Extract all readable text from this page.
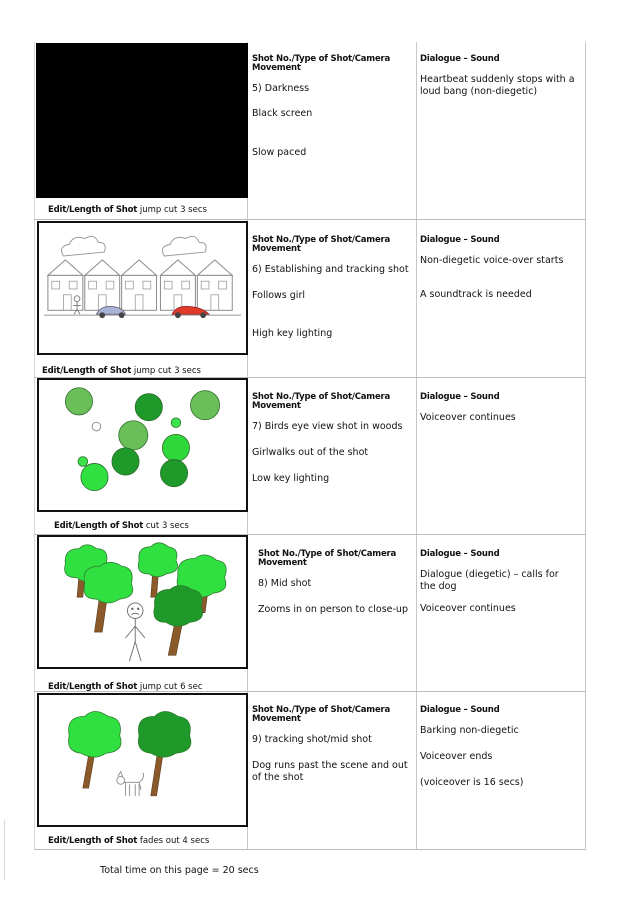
Shot No./Type of Shot/Camera Movement
5) Darkness
Black screen
Slow paced
Dialogue – Sound
Heartbeat suddenly stops with a loud bang (non-diegetic)
Edit/Length of Shot jump cut 3 secs
Shot No./Type of Shot/Camera Movement
6) Establishing and tracking shot
Follows girl
High key lighting
Dialogue – Sound
Non-diegetic voice-over starts
A soundtrack is needed
Edit/Length of Shot jump cut 3 secs
Shot No./Type of Shot/Camera Movement
7) Birds eye view shot in woods
Girlwalks out of the shot
Low key lighting
Dialogue – Sound
Voiceover continues
Edit/Length of Shot cut 3 secs
Shot No./Type of Shot/Camera Movement
8) Mid shot
Zooms in on person to close-up
Dialogue – Sound
Dialogue (diegetic) – calls for the dog
Voiceover continues
Edit/Length of Shot jump cut 6 sec
Shot No./Type of Shot/Camera Movement
9) tracking shot/mid shot
Dog runs past the scene and out of the shot
Dialogue – Sound
Barking non-diegetic
Voiceover ends
(voiceover is 16 secs)
Edit/Length of Shot fades out 4 secs
Total time on this page = 20 secs
